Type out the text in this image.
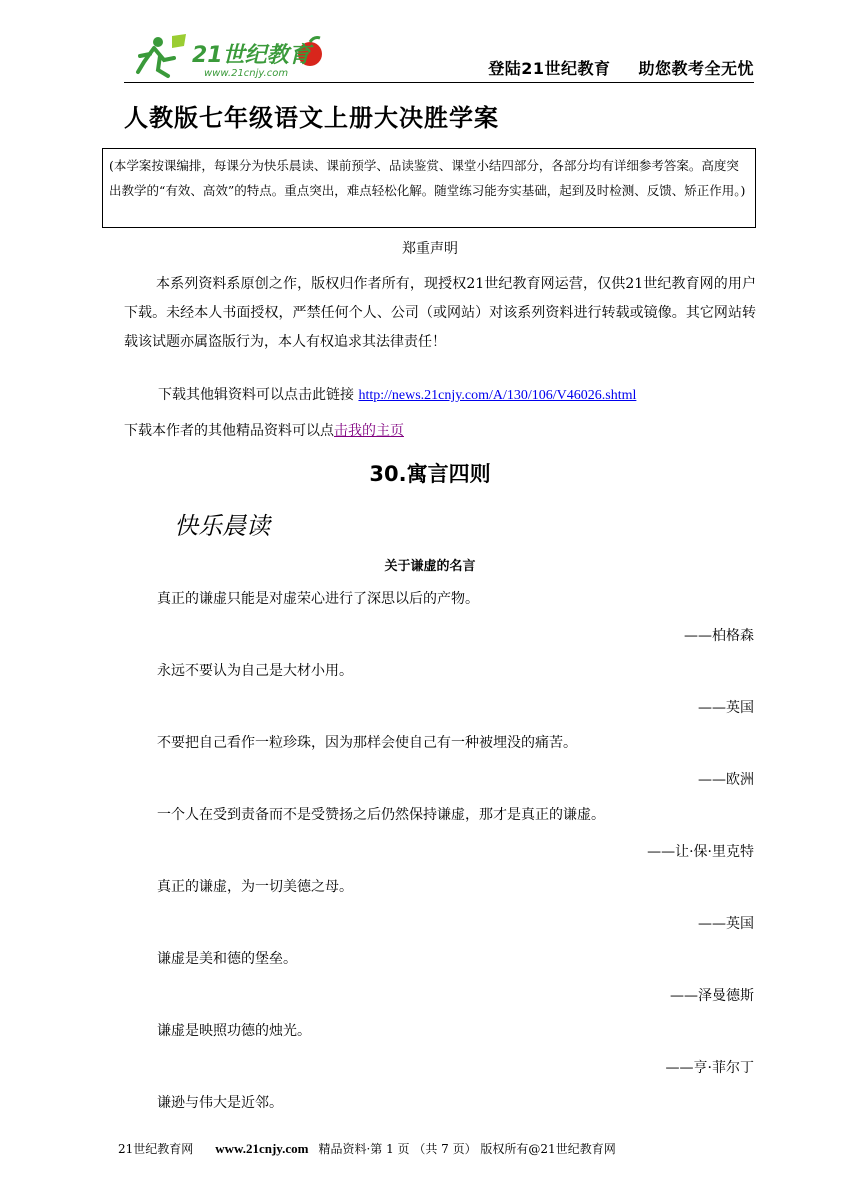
21世纪教育
www.21cnjy.com	登陆21世纪教育 助您教考全无忧
人教版七年级语文上册大决胜学案
(本学案按课编排，每课分为快乐晨读、课前预学、品读鉴赏、课堂小结四部分，各部分均有详细参考答案。高度突出教学的“有效、高效”的特点。重点突出，难点轻松化解。随堂练习能夯实基础，起到及时检测、反馈、矫正作用。)
郑重声明
本系列资料系原创之作，版权归作者所有，现授权21世纪教育网运营，仅供21世纪教育网的用户下载。未经本人书面授权，严禁任何个人、公司（或网站）对该系列资料进行转载或镜像。其它网站转载该试题亦属盗版行为，本人有权追求其法律责任！
下载其他辑资料可以点击此链接 http://news.21cnjy.com/A/130/106/V46026.shtml
下载本作者的其他精品资料可以点击我的主页
30.寓言四则
快乐晨读
关于谦虚的名言
真正的谦虚只能是对虚荣心进行了深思以后的产物。
——柏格森
永远不要认为自己是大材小用。
——英国
不要把自己看作一粒珍珠，因为那样会使自己有一种被埋没的痛苦。
——欧洲
一个人在受到责备而不是受赞扬之后仍然保持谦虚，那才是真正的谦虚。
——让·保·里克特
真正的谦虚，为一切美德之母。
——英国
谦虚是美和德的堡垒。
——泽曼德斯
谦虚是映照功德的烛光。
——亨·菲尔丁
谦逊与伟大是近邻。
21世纪教育网 www.21cnjy.com 精品资料·第 1 页 （共 7 页） 版权所有@21世纪教育网
